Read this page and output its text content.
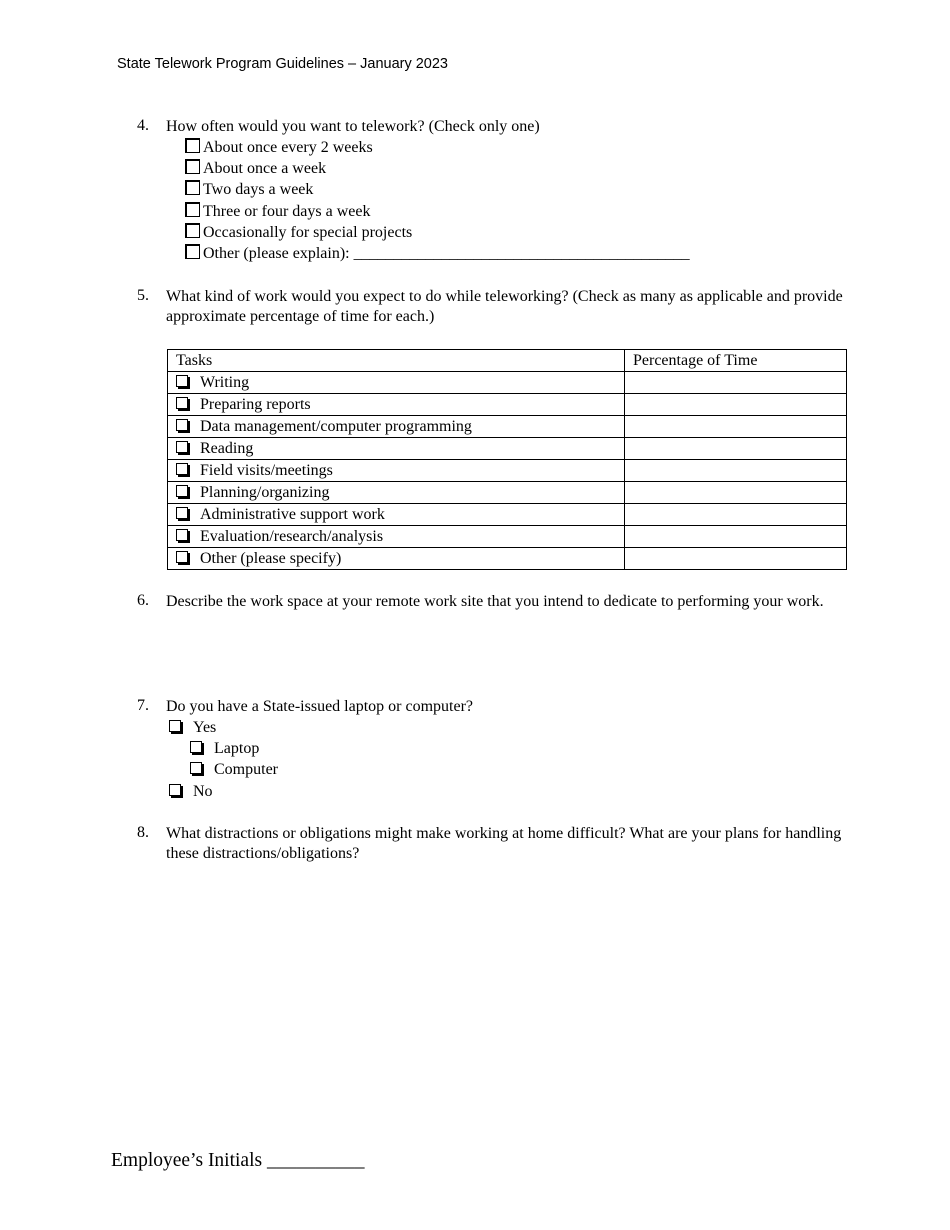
State Telework Program Guidelines – January 2023
4. How often would you want to telework? (Check only one)
About once every 2 weeks
About once a week
Two days a week
Three or four days a week
Occasionally for special projects
Other (please explain): __________________________________________
5. What kind of work would you expect to do while teleworking? (Check as many as applicable and provide approximate percentage of time for each.)
Tasks	Percentage of Time
Writing	
Preparing reports	
Data management/computer programming	
Reading	
Field visits/meetings	
Planning/organizing	
Administrative support work	
Evaluation/research/analysis	
Other (please specify)	
6. Describe the work space at your remote work site that you intend to dedicate to performing your work.
7. Do you have a State-issued laptop or computer?
Yes
Laptop
Computer
No
8. What distractions or obligations might make working at home difficult? What are your plans for handling these distractions/obligations?
Employee’s Initials __________
